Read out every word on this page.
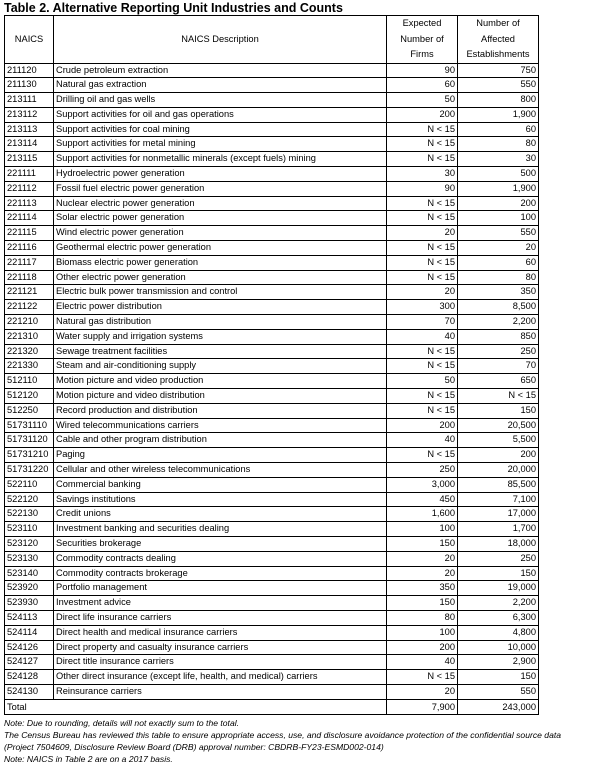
Table 2. Alternative Reporting Unit Industries and Counts
NAICS	NAICS Description	Expected
Number of
Firms	Number of
Affected
Establishments

211120	Crude petroleum extraction	90	750
211130	Natural gas extraction	60	550
213111	Drilling oil and gas wells	50	800
213112	Support activities for oil and gas operations	200	1,900
213113	Support activities for coal mining	N < 15	60
213114	Support activities for metal mining	N < 15	80
213115	Support activities for nonmetallic minerals (except fuels) mining	N < 15	30
221111	Hydroelectric power generation	30	500
221112	Fossil fuel electric power generation	90	1,900
221113	Nuclear electric power generation	N < 15	200
221114	Solar electric power generation	N < 15	100
221115	Wind electric power generation	20	550
221116	Geothermal electric power generation	N < 15	20
221117	Biomass electric power generation	N < 15	60
221118	Other electric power generation	N < 15	80
221121	Electric bulk power transmission and control	20	350
221122	Electric power distribution	300	8,500
221210	Natural gas distribution	70	2,200
221310	Water supply and irrigation systems	40	850
221320	Sewage treatment facilities	N < 15	250
221330	Steam and air-conditioning supply	N < 15	70
512110	Motion picture and video production	50	650
512120	Motion picture and video distribution	N < 15	N < 15
512250	Record production and distribution	N < 15	150
51731110	Wired telecommunications carriers	200	20,500
51731120	Cable and other program distribution	40	5,500
51731210	Paging	N < 15	200
51731220	Cellular and other wireless telecommunications	250	20,000
522110	Commercial banking	3,000	85,500
522120	Savings institutions	450	7,100
522130	Credit unions	1,600	17,000
523110	Investment banking and securities dealing	100	1,700
523120	Securities brokerage	150	18,000
523130	Commodity contracts dealing	20	250
523140	Commodity contracts brokerage	20	150
523920	Portfolio management	350	19,000
523930	Investment advice	150	2,200
524113	Direct life insurance carriers	80	6,300
524114	Direct health and medical insurance carriers	100	4,800
524126	Direct property and casualty insurance carriers	200	10,000
524127	Direct title insurance carriers	40	2,900
524128	Other direct insurance (except life, health, and medical) carriers	N < 15	150
524130	Reinsurance carriers	20	550
Total		7,900	243,000
Note: Due to rounding, details will not exactly sum to the total.
The Census Bureau has reviewed this table to ensure appropriate access, use, and disclosure avoidance protection of the confidential source data
(Project 7504609, Disclosure Review Board (DRB) approval number: CBDRB-FY23-ESMD002-014)
Note: NAICS in Table 2 are on a 2017 basis.
